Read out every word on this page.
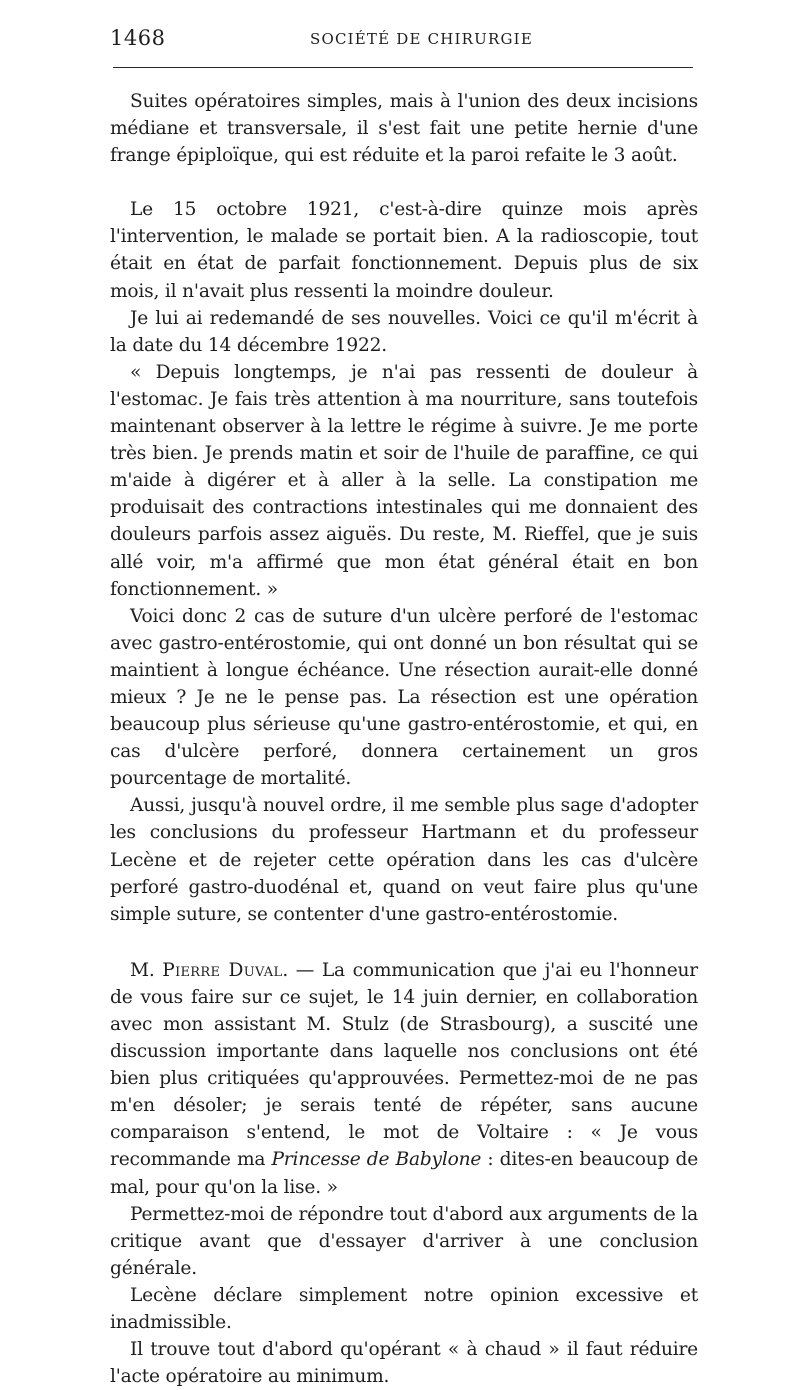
1468	SOCIÉTÉ DE CHIRURGIE

Suites opératoires simples, mais à l'union des deux incisions médiane et transversale, il s'est fait une petite hernie d'une frange épiploïque, qui est réduite et la paroi refaite le 3 août.

Le 15 octobre 1921, c'est-à-dire quinze mois après l'intervention, le malade se portait bien. A la radioscopie, tout était en état de parfait fonctionnement. Depuis plus de six mois, il n'avait plus ressenti la moindre douleur.

Je lui ai redemandé de ses nouvelles. Voici ce qu'il m'écrit à la date du 14 décembre 1922.

« Depuis longtemps, je n'ai pas ressenti de douleur à l'estomac. Je fais très attention à ma nourriture, sans toutefois maintenant observer à la lettre le régime à suivre. Je me porte très bien. Je prends matin et soir de l'huile de paraffine, ce qui m'aide à digérer et à aller à la selle. La constipation me produisait des contractions intestinales qui me donnaient des douleurs parfois assez aiguës. Du reste, M. Rieffel, que je suis allé voir, m'a affirmé que mon état général était en bon fonctionnement. »

Voici donc 2 cas de suture d'un ulcère perforé de l'estomac avec gastro-entérostomie, qui ont donné un bon résultat qui se maintient à longue échéance. Une résection aurait-elle donné mieux ? Je ne le pense pas. La résection est une opération beaucoup plus sérieuse qu'une gastro-entérostomie, et qui, en cas d'ulcère perforé, donnera certainement un gros pourcentage de mortalité.

Aussi, jusqu'à nouvel ordre, il me semble plus sage d'adopter les conclusions du professeur Hartmann et du professeur Lecène et de rejeter cette opération dans les cas d'ulcère perforé gastro-duodénal et, quand on veut faire plus qu'une simple suture, se contenter d'une gastro-entérostomie.

M. Pierre Duval. — La communication que j'ai eu l'honneur de vous faire sur ce sujet, le 14 juin dernier, en collaboration avec mon assistant M. Stulz (de Strasbourg), a suscité une discussion importante dans laquelle nos conclusions ont été bien plus critiquées qu'approuvées. Permettez-moi de ne pas m'en désoler; je serais tenté de répéter, sans aucune comparaison s'entend, le mot de Voltaire : « Je vous recommande ma Princesse de Babylone : dites-en beaucoup de mal, pour qu'on la lise. »

Permettez-moi de répondre tout d'abord aux arguments de la critique avant que d'essayer d'arriver à une conclusion générale.

Lecène déclare simplement notre opinion excessive et inadmissible.

Il trouve tout d'abord qu'opérant « à chaud » il faut réduire l'acte opératoire au minimum.
